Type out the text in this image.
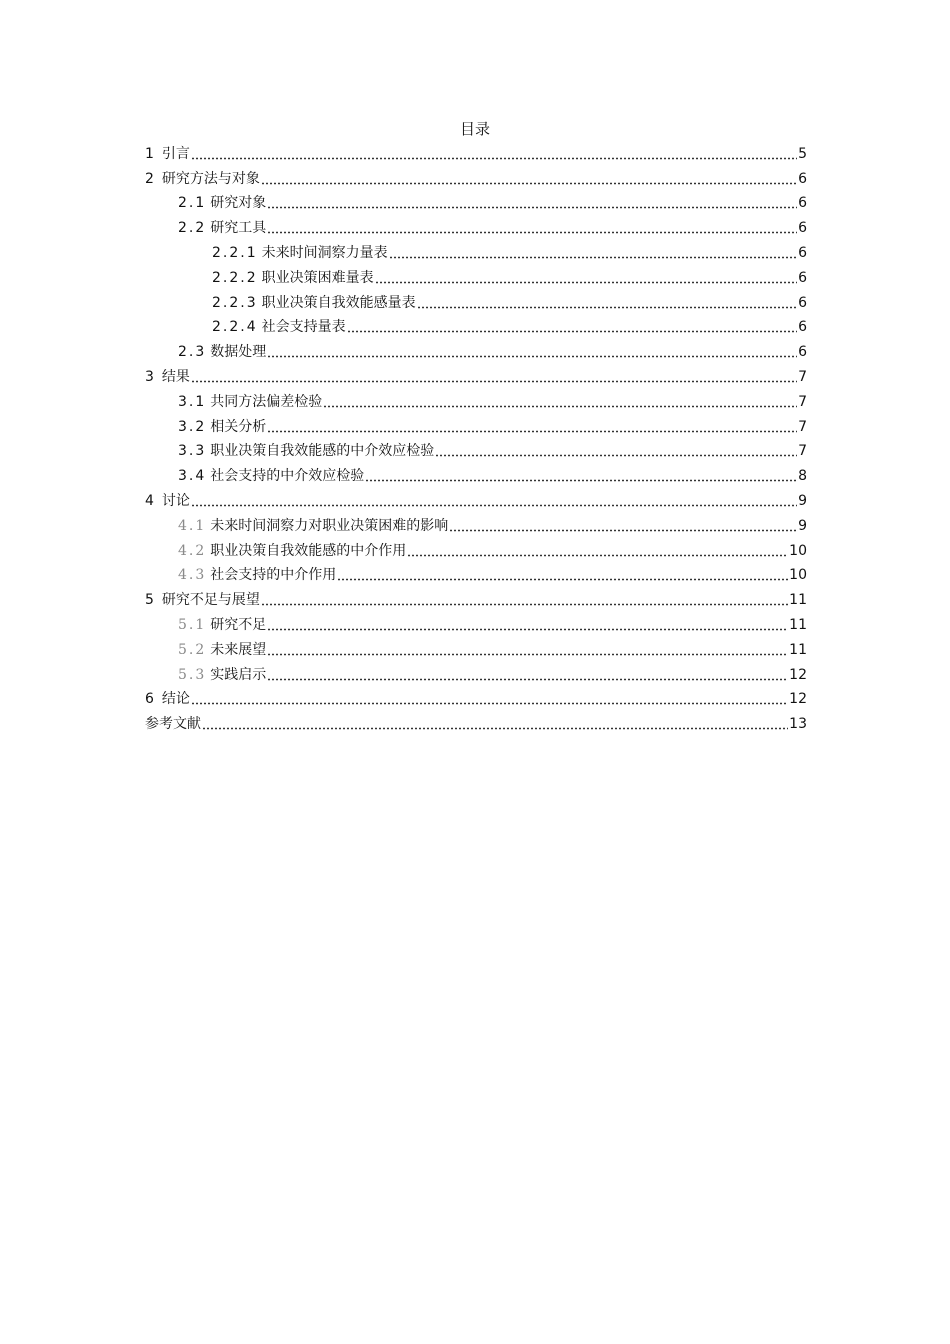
目录
1 引言	5
2 研究方法与对象	6
2.1 研究对象	6
2.2 研究工具	6
2.2.1 未来时间洞察力量表	6
2.2.2 职业决策困难量表	6
2.2.3 职业决策自我效能感量表	6
2.2.4 社会支持量表	6
2.3 数据处理	6
3 结果	7
3.1 共同方法偏差检验	7
3.2 相关分析	7
3.3 职业决策自我效能感的中介效应检验	7
3.4 社会支持的中介效应检验	8
4 讨论	9
4.1 未来时间洞察力对职业决策困难的影响	9
4.2 职业决策自我效能感的中介作用	10
4.3 社会支持的中介作用	10
5 研究不足与展望	11
5.1 研究不足	11
5.2 未来展望	11
5.3 实践启示	12
6 结论	12
参考文献	13
